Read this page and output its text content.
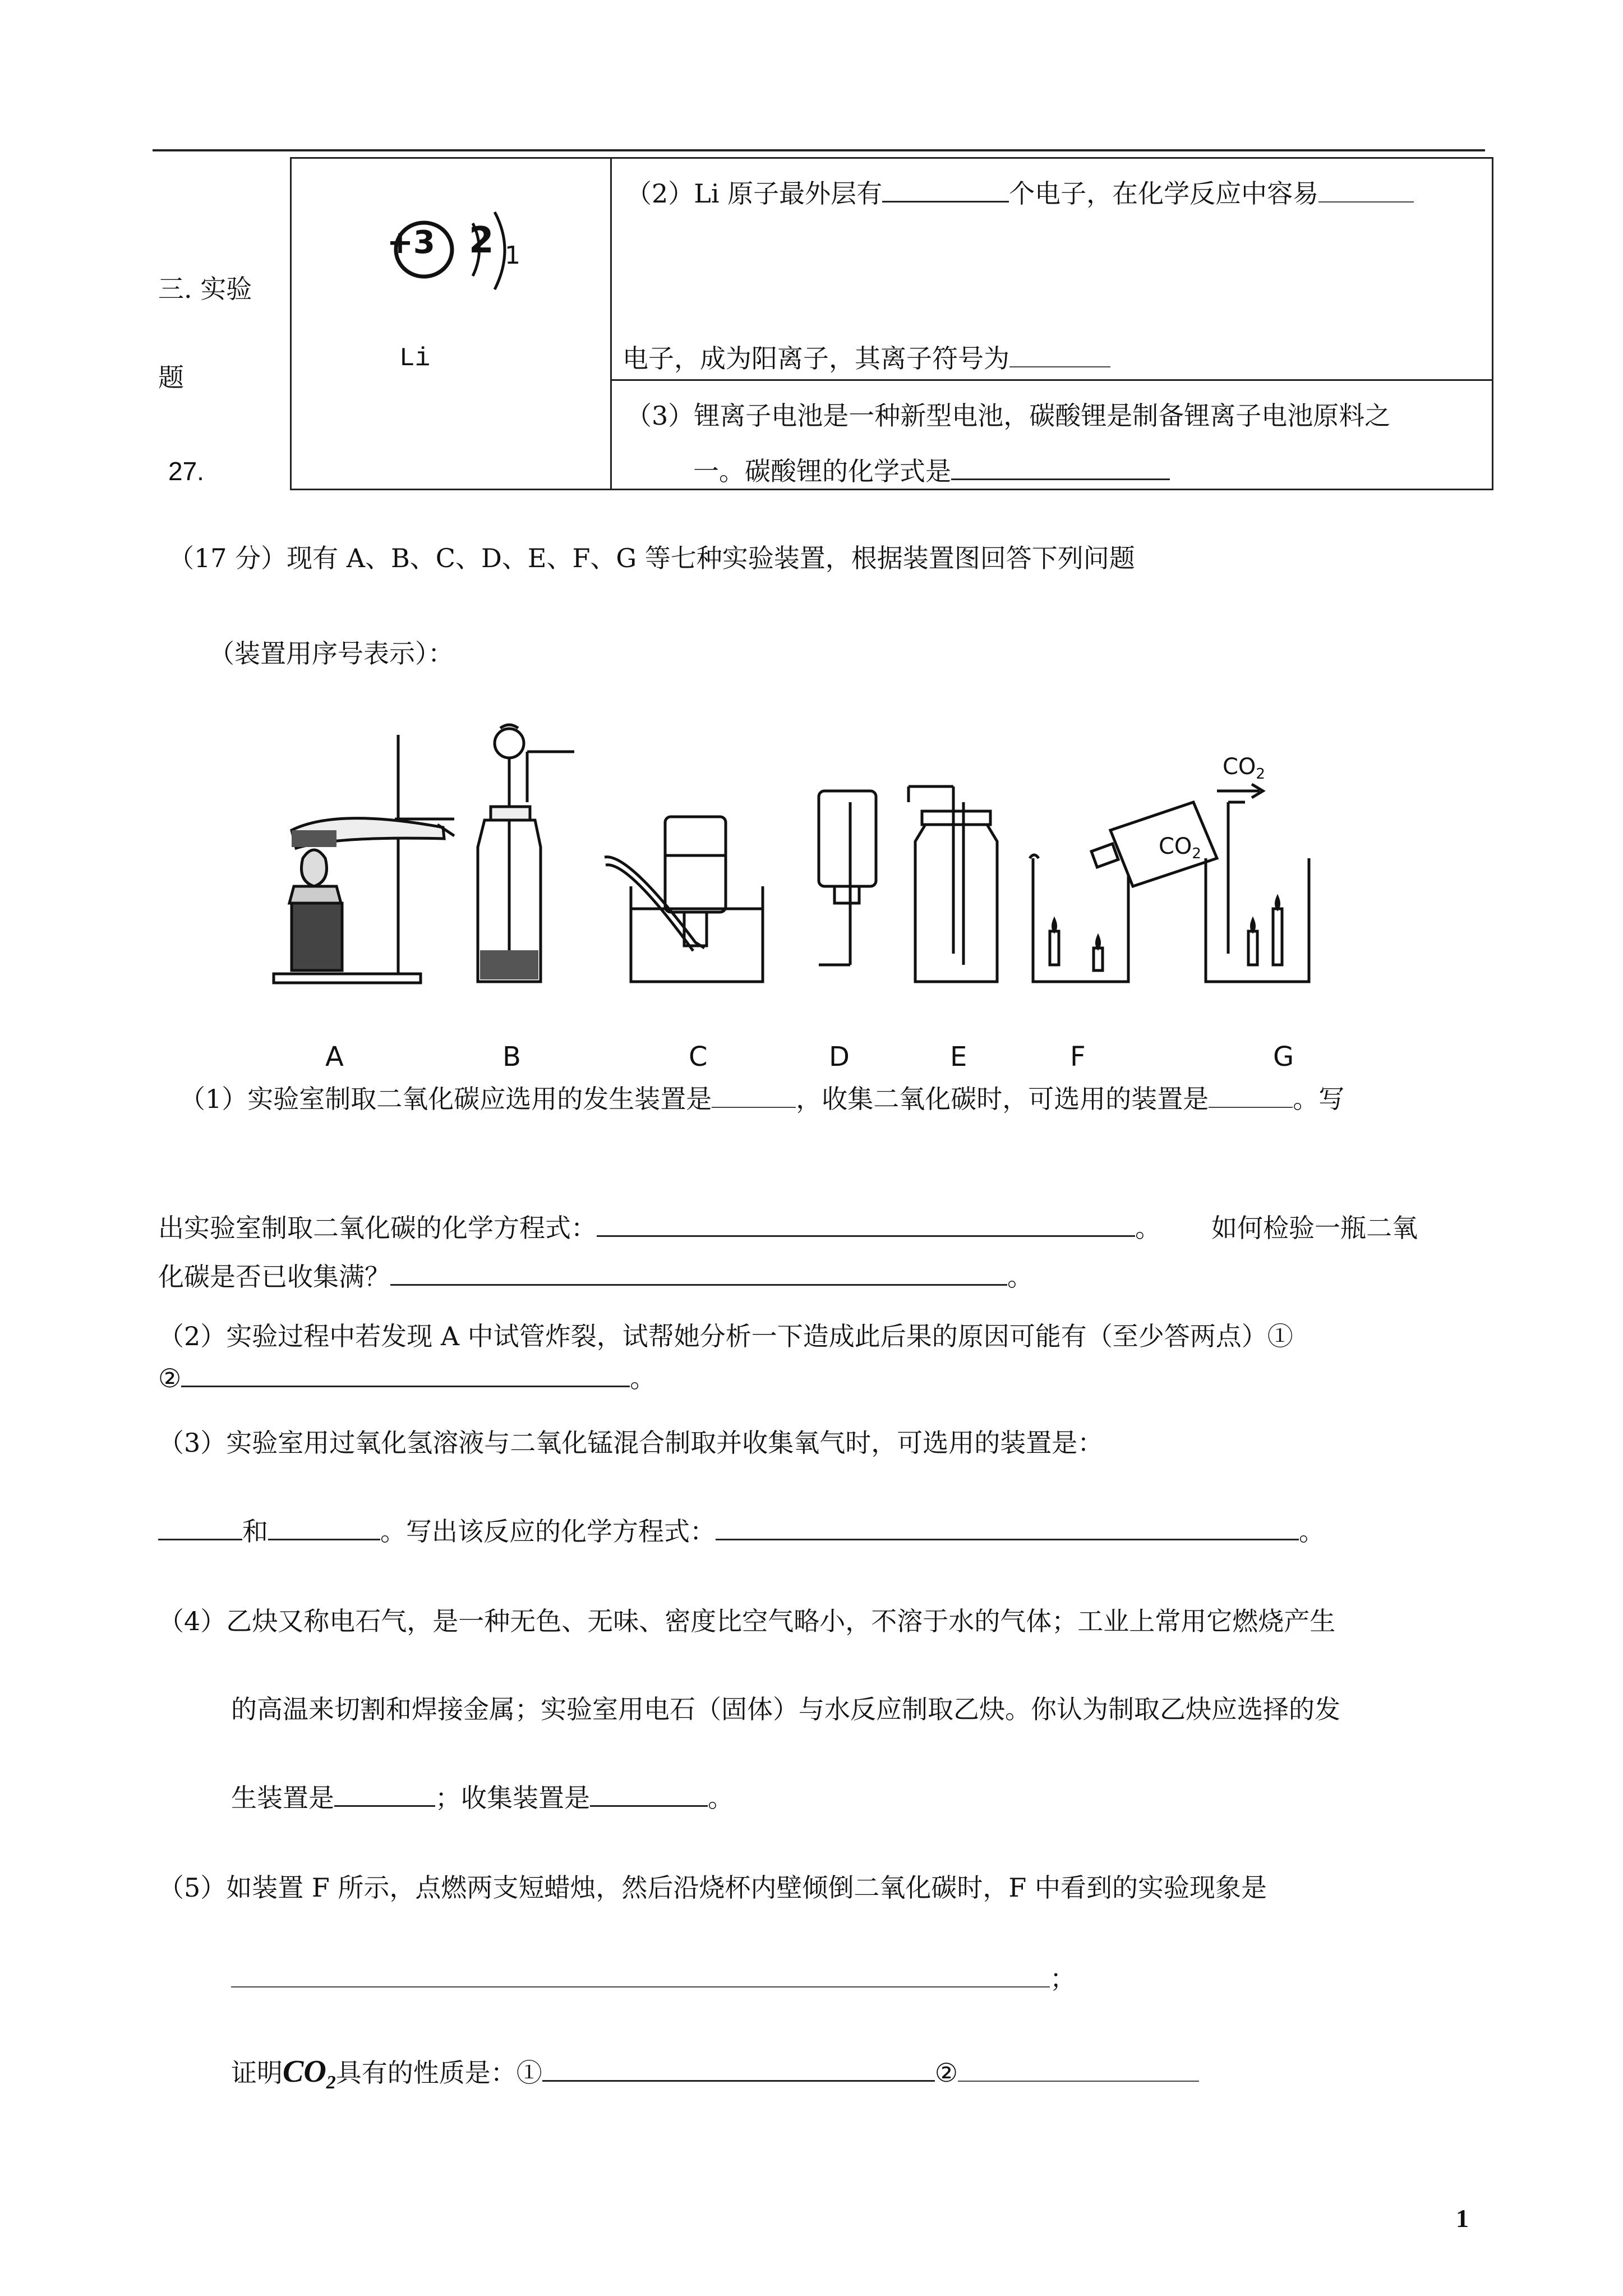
三. 实验
题
27.
+3 2 1
Li
（2）Li 原子最外层有	个电子，在化学反应中容易
电子，成为阳离子，其离子符号为
（3）锂离子电池是一种新型电池，碳酸锂是制备锂离子电池原料之
一。碳酸锂的化学式是
（17 分）现有 A、B、C、D、E、F、G 等七种实验装置，根据装置图回答下列问题
（装置用序号表示）：
$CO_2$
$CO_2$
A	B	C	D	E	F	G
（1）实验室制取二氧化碳应选用的发生装置是	，收集二氧化碳时，可选用的装置是	。写
出实验室制取二氧化碳的化学方程式：	。 如何检验一瓶二氧
化碳是否已收集满？	。
（2）实验过程中若发现 A 中试管炸裂，试帮她分析一下造成此后果的原因可能有（至少答两点）①
②	。
（3）实验室用过氧化氢溶液与二氧化锰混合制取并收集氧气时，可选用的装置是：
和	。写出该反应的化学方程式：	。
（4）乙炔又称电石气，是一种无色、无味、密度比空气略小，不溶于水的气体；工业上常用它燃烧产生
的高温来切割和焊接金属；实验室用电石（固体）与水反应制取乙炔。你认为制取乙炔应选择的发
生装置是	；收集装置是	。
（5）如装置 F 所示，点燃两支短蜡烛，然后沿烧杯内壁倾倒二氧化碳时，F 中看到的实验现象是
；
证明$CO_2$具有的性质是：①	②
1
